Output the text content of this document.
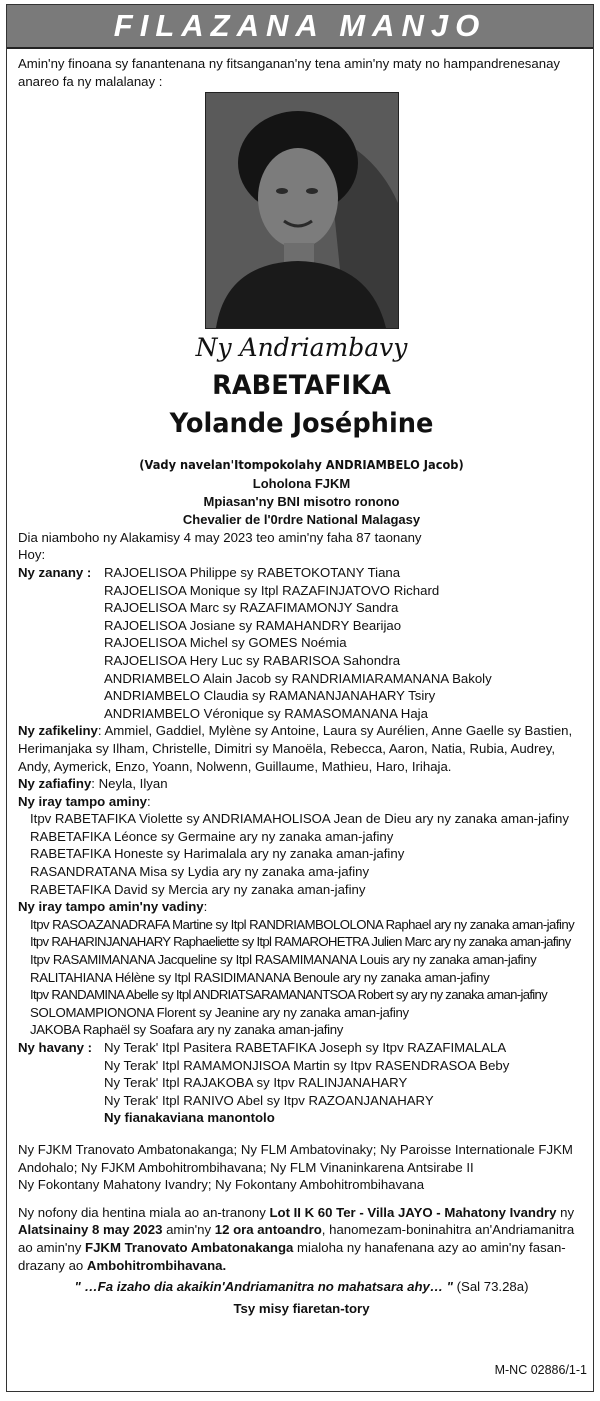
FILAZANA MANJO

Amin'ny finoana sy fanantenana ny fitsanganan'ny tena amin'ny maty no hampandrenesanay anareo fa ny malalanay :

Ny Andriambavy
RABETAFIKA
Yolande Joséphine
(Vady navelan'Itompokolahy ANDRIAMBELO Jacob)
Loholona FJKM
Mpiasan'ny BNI misotro ronono
Chevalier de l'0rdre National Malagasy

Dia niamboho ny Alakamisy 4 may 2023 teo amin'ny faha 87 taonany

Hoy:

Ny zanany : RAJOELISOA Philippe sy RABETOKOTANY Tiana
RAJOELISOA Monique sy Itpl RAZAFINJATOVO Richard
RAJOELISOA Marc sy RAZAFIMAMONJY Sandra
RAJOELISOA Josiane sy RAMAHANDRY Bearijao
RAJOELISOA Michel sy GOMES Noémia
RAJOELISOA Hery Luc sy RABARISOA Sahondra
ANDRIAMBELO Alain Jacob sy RANDRIAMIARAMANANA Bakoly
ANDRIAMBELO Claudia sy RAMANANJANAHARY Tsiry
ANDRIAMBELO Véronique sy RAMASOMANANA Haja

Ny zafikeliny: Ammiel, Gaddiel, Mylène sy Antoine, Laura sy Aurélien, Anne Gaelle sy Bastien, Herimanjaka sy Ilham, Christelle, Dimitri sy Manoëla, Rebecca, Aaron, Natia, Rubia, Audrey, Andy, Aymerick, Enzo, Yoann, Nolwenn, Guillaume, Mathieu, Haro, Irihaja.

Ny zafiafiny: Neyla, Ilyan

Ny iray tampo aminy:

Itpv RABETAFIKA Violette sy ANDRIAMAHOLISOA Jean de Dieu ary ny zanaka aman-jafiny
RABETAFIKA Léonce sy Germaine ary ny zanaka aman-jafiny
RABETAFIKA Honeste sy Harimalala ary ny zanaka aman-jafiny
RASANDRATANA Misa sy Lydia ary ny zanaka ama-jafiny
RABETAFIKA David sy Mercia ary ny zanaka aman-jafiny

Ny iray tampo amin'ny vadiny:

Itpv RASOAZANADRAFA Martine sy Itpl RANDRIAMBOLOLONA Raphael ary ny zanaka aman-jafiny
Itpv RAHARINJANAHARY Raphaeliette sy Itpl RAMAROHETRA Julien Marc ary ny zanaka aman-jafiny
Itpv RASAMIMANANA Jacqueline sy Itpl RASAMIMANANA Louis ary ny zanaka aman-jafiny
RALITAHIANA Hélène sy Itpl RASIDIMANANA Benoule ary ny zanaka aman-jafiny
Itpv RANDAMINA Abelle sy Itpl ANDRIATSARAMANANTSOA Robert sy ary ny zanaka aman-jafiny
SOLOMAMPIONONA Florent sy Jeanine ary ny zanaka aman-jafiny
JAKOBA Raphaël sy Soafara ary ny zanaka aman-jafiny
Ny havany : Ny Terak' Itpl Pasitera RABETAFIKA Joseph sy Itpv RAZAFIMALALA
Ny Terak' Itpl RAMAMONJISOA Martin sy Itpv RASENDRASOA Beby
Ny Terak' Itpl RAJAKOBA sy Itpv RALINJANAHARY
Ny Terak' Itpl RANIVO Abel sy Itpv RAZOANJANAHARY
Ny fianakaviana manontolo

Ny FJKM Tranovato Ambatonakanga; Ny FLM Ambatovinaky; Ny Paroisse Internationale FJKM Andohalo; Ny FJKM Ambohitrombihavana; Ny FLM Vinaninkarena Antsirabe II

Ny Fokontany Mahatony Ivandry; Ny Fokontany Ambohitrombihavana

Ny nofony dia hentina miala ao an-tranony Lot II K 60 Ter - Villa JAYO - Mahatony Ivandry ny Alatsinainy 8 may 2023 amin'ny 12 ora antoandro, hanomezam-boninahitra an'Andriamanitra ao amin'ny FJKM Tranovato Ambatonakanga mialoha ny hanafenana azy ao amin'ny fasan-drazany ao Ambohitrombihavana.

" …Fa izaho dia akaikin'Andriamanitra no mahatsara ahy… " (Sal 73.28a)

Tsy misy fiaretan-tory

M-NC 02886/1-1
